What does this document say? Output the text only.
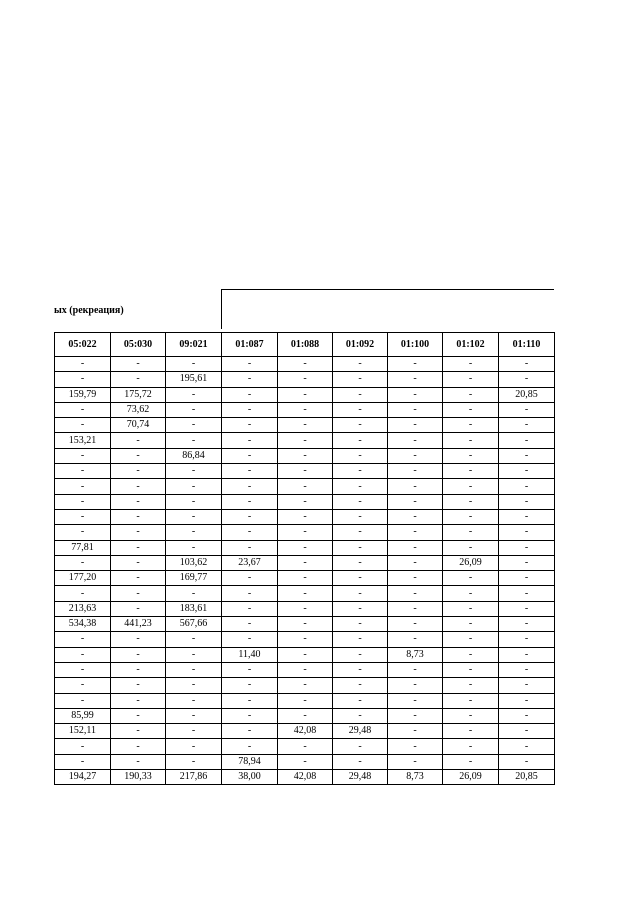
ых (рекреация)
05:022	05:030	09:021	01:087	01:088	01:092	01:100	01:102	01:110
-	-	-	-	-	-	-	-	-
-	-	195,61	-	-	-	-	-	-
159,79	175,72	-	-	-	-	-	-	20,85
-	73,62	-	-	-	-	-	-	-
-	70,74	-	-	-	-	-	-	-
153,21	-	-	-	-	-	-	-	-
-	-	86,84	-	-	-	-	-	-
-	-	-	-	-	-	-	-	-
-	-	-	-	-	-	-	-	-
-	-	-	-	-	-	-	-	-
-	-	-	-	-	-	-	-	-
-	-	-	-	-	-	-	-	-
77,81	-	-	-	-	-	-	-	-
-	-	103,62	23,67	-	-	-	26,09	-
177,20	-	169,77	-	-	-	-	-	-
-	-	-	-	-	-	-	-	-
213,63	-	183,61	-	-	-	-	-	-
534,38	441,23	567,66	-	-	-	-	-	-
-	-	-	-	-	-	-	-	-
-	-	-	11,40	-	-	8,73	-	-
-	-	-	-	-	-	-	-	-
-	-	-	-	-	-	-	-	-
-	-	-	-	-	-	-	-	-
85,99	-	-	-	-	-	-	-	-
152,11	-	-	-	42,08	29,48	-	-	-
-	-	-	-	-	-	-	-	-
-	-	-	78,94	-	-	-	-	-
194,27	190,33	217,86	38,00	42,08	29,48	8,73	26,09	20,85
